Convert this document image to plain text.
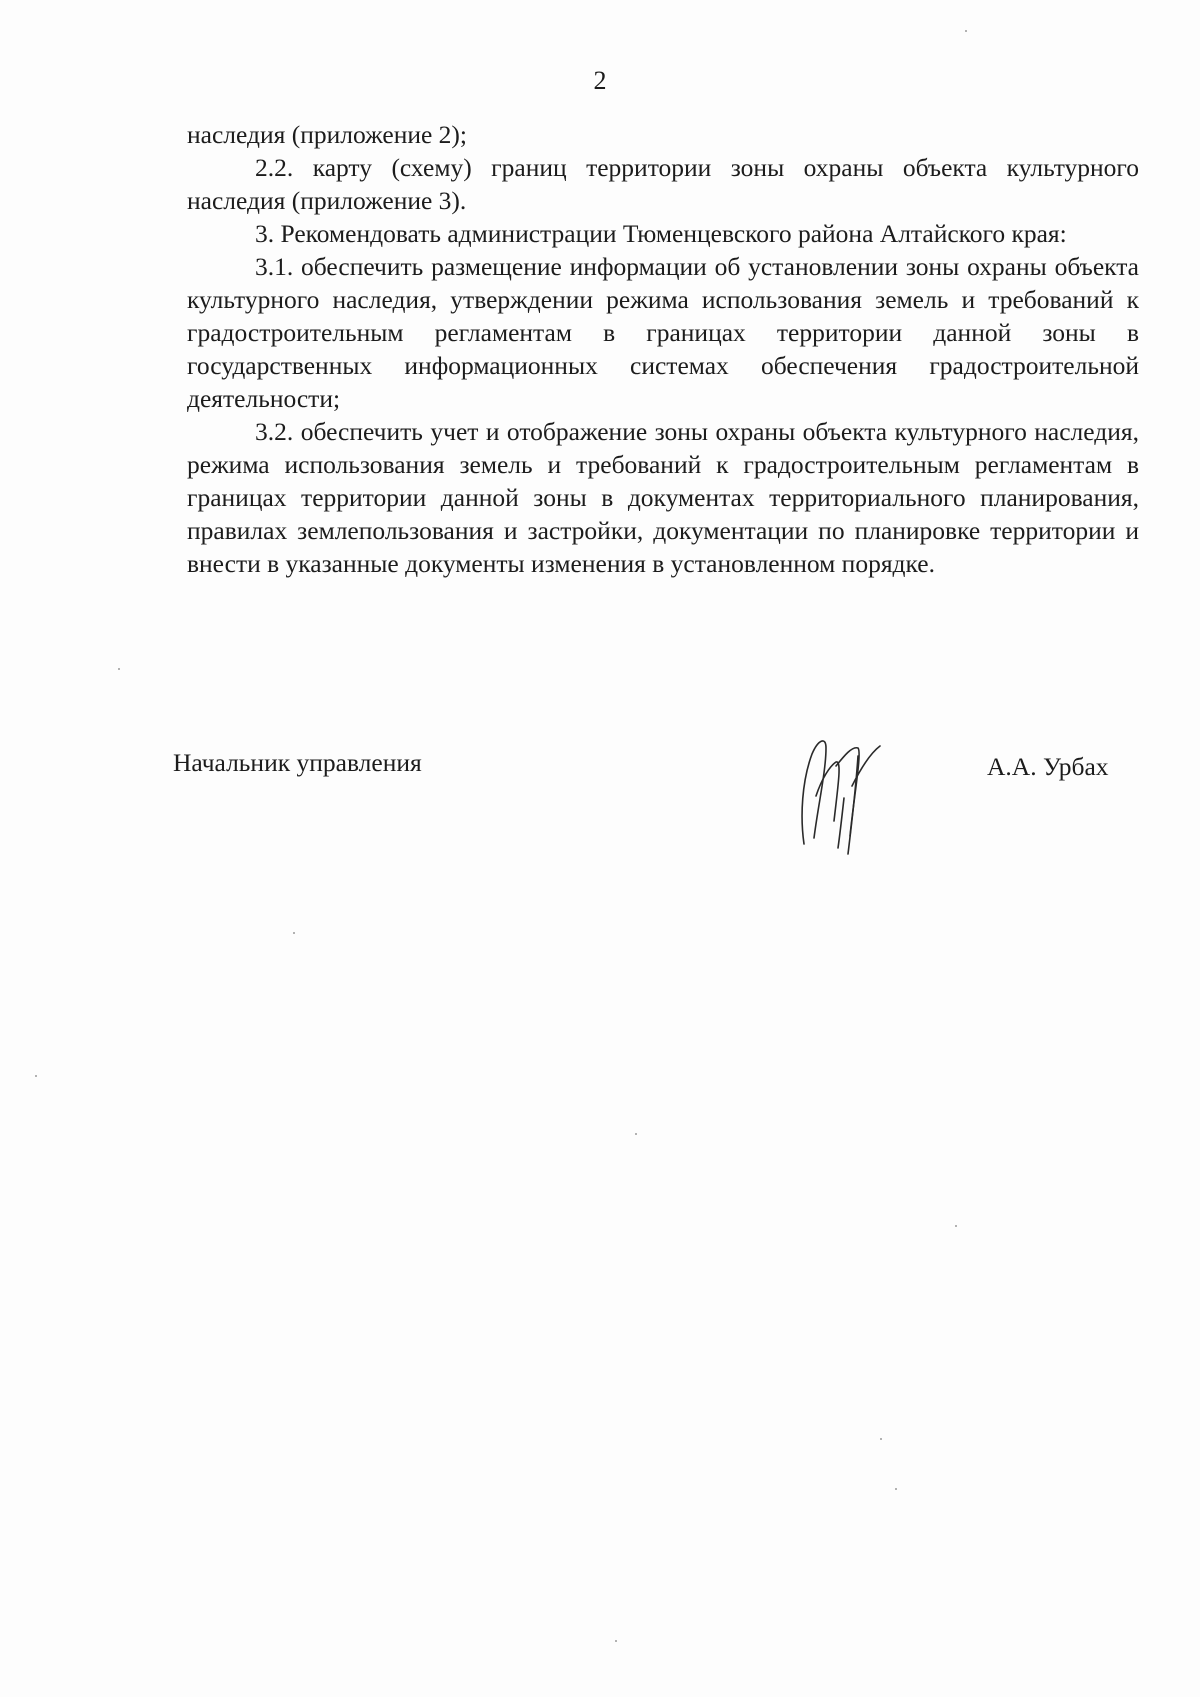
2

наследия (приложение 2);

2.2. карту (схему) границ территории зоны охраны объекта культурного наследия (приложение 3).

3. Рекомендовать администрации Тюменцевского района Алтайского края:

3.1. обеспечить размещение информации об установлении зоны охраны объекта культурного наследия, утверждении режима использования земель и требований к градостроительным регламентам в границах территории данной зоны в государственных информационных системах обеспечения градостроительной деятельности;

3.2. обеспечить учет и отображение зоны охраны объекта культурного наследия, режима использования земель и требований к градостроительным регламентам в границах территории данной зоны в документах территориального планирования, правилах землепользования и застройки, документации по планировке территории и внести в указанные документы изменения в установленном порядке.

Начальник управления	А.А. Урбах
